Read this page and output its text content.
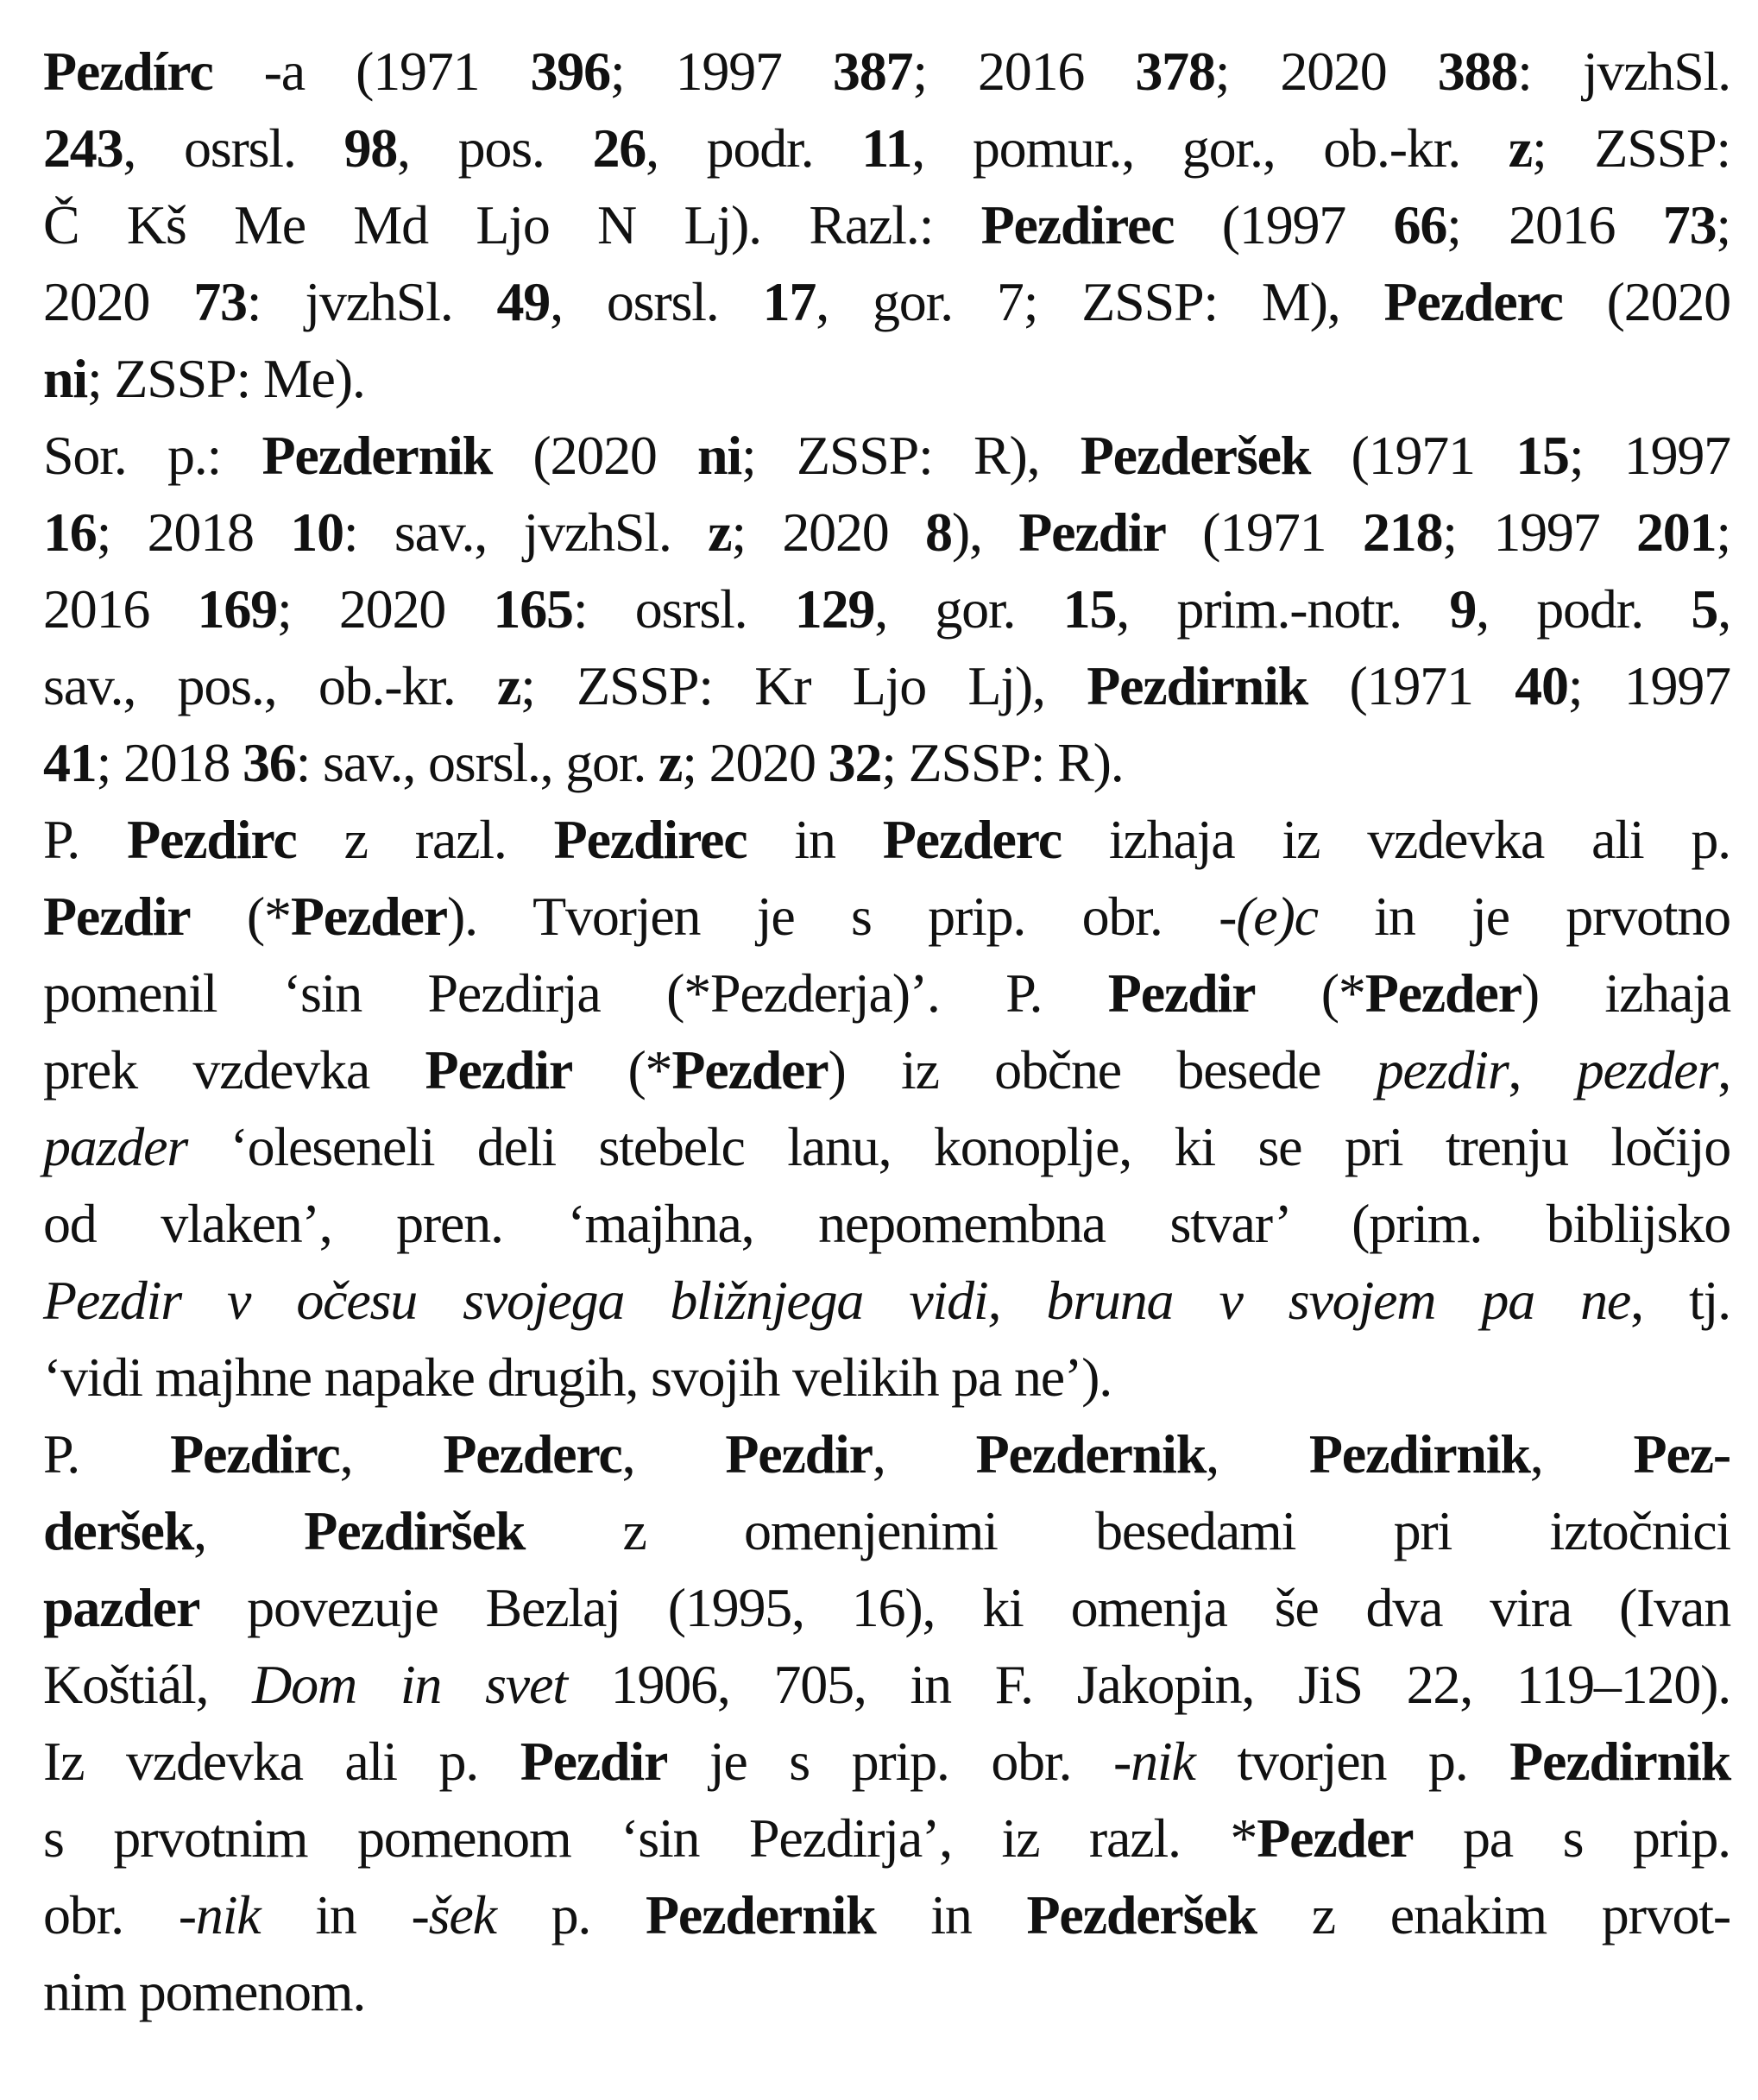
Pezdírc -a (1971 396; 1997 387; 2016 378; 2020 388: jvzhSl.
243, osrsl. 98, pos. 26, podr. 11, pomur., gor., ob.-kr. z; ZSSP:
Č Kš Me Md Ljo N Lj). Razl.: Pezdirec (1997 66; 2016 73;
2020 73: jvzhSl. 49, osrsl. 17, gor. 7; ZSSP: M), Pezderc (2020
ni; ZSSP: Me).
Sor. p.: Pezdernik (2020 ni; ZSSP: R), Pezderšek (1971 15; 1997
16; 2018 10: sav., jvzhSl. z; 2020 8), Pezdir (1971 218; 1997 201;
2016 169; 2020 165: osrsl. 129, gor. 15, prim.-notr. 9, podr. 5,
sav., pos., ob.-kr. z; ZSSP: Kr Ljo Lj), Pezdirnik (1971 40; 1997
41; 2018 36: sav., osrsl., gor. z; 2020 32; ZSSP: R).
P. Pezdirc z razl. Pezdirec in Pezderc izhaja iz vzdevka ali p.
Pezdir (*Pezder). Tvorjen je s prip. obr. -(e)c in je prvotno
pomenil ‘sin Pezdirja (*Pezderja)’. P. Pezdir (*Pezder) izhaja
prek vzdevka Pezdir (*Pezder) iz občne besede pezdir, pezder,
pazder ‘oleseneli deli stebelc lanu, konoplje, ki se pri trenju ločijo
od vlaken’, pren. ‘majhna, nepomembna stvar’ (prim. biblijsko
Pezdir v očesu svojega bližnjega vidi, bruna v svojem pa ne, tj.
‘vidi majhne napake drugih, svojih velikih pa ne’).
P. Pezdirc, Pezderc, Pezdir, Pezdernik, Pezdirnik, Pez-
deršek, Pezdiršek z omenjenimi besedami pri iztočnici
pazder povezuje Bezlaj (1995, 16), ki omenja še dva vira (Ivan
Koštiál, Dom in svet 1906, 705, in F. Jakopin, JiS 22, 119–120).
Iz vzdevka ali p. Pezdir je s prip. obr. -nik tvorjen p. Pezdirnik
s prvotnim pomenom ‘sin Pezdirja’, iz razl. *Pezder pa s prip.
obr. -nik in -šek p. Pezdernik in Pezderšek z enakim prvot-
nim pomenom.
